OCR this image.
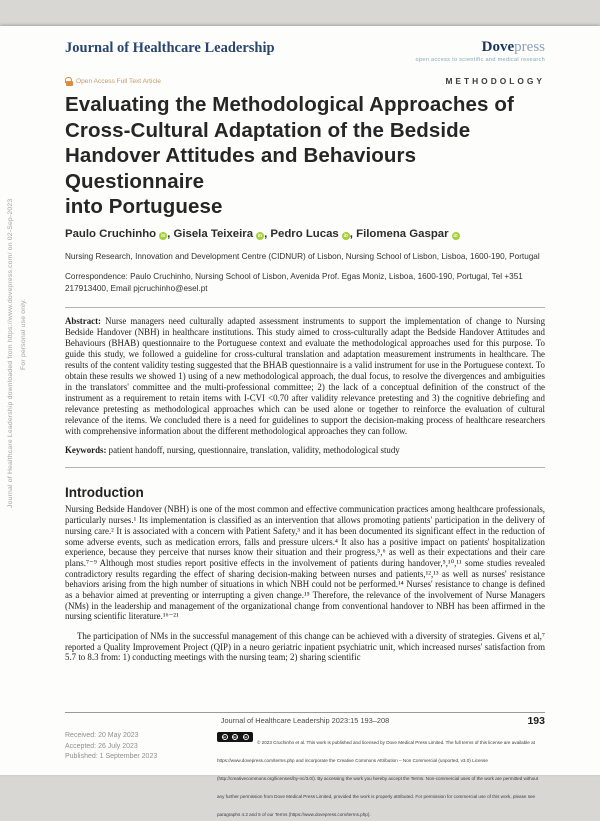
Journal of Healthcare Leadership downloaded from https://www.dovepress.com/ on 02-Sep-2023 For personal use only.
Journal of Healthcare Leadership	Dovepress
open access to scientific and medical research
Open Access Full Text Article	METHODOLOGY
Evaluating the Methodological Approaches of
Cross-Cultural Adaptation of the Bedside
Handover Attitudes and Behaviours Questionnaire
into Portuguese
Paulo Cruchinho iD , Gisela Teixeira iD , Pedro Lucas iD , Filomena GaspariD
Nursing Research, Innovation and Development Centre (CIDNUR) of Lisbon, Nursing School of Lisbon, Lisboa, 1600-190, Portugal
Correspondence: Paulo Cruchinho, Nursing School of Lisbon, Avenida Prof. Egas Moniz, Lisboa, 1600-190, Portugal, Tel +351 217913400, Email pjcruchinho@esel.pt

Abstract: Nurse managers need culturally adapted assessment instruments to support the implementation of change to Nursing Bedside Handover (NBH) in healthcare institutions. This study aimed to cross-culturally adapt the Bedside Handover Attitudes and Behaviours (BHAB) questionnaire to the Portuguese context and evaluate the methodological approaches used for this purpose. To guide this study, we followed a guideline for cross-cultural translation and adaptation measurement instruments in healthcare. The results of the content validity testing suggested that the BHAB questionnaire is a valid instrument for use in the Portuguese context. To obtain these results we showed 1) using of a new methodological approach, the dual focus, to resolve the divergences and ambiguities in the translators' committee and the multi-professional committee; 2) the lack of a conceptual definition of the construct of the instrument as a requirement to retain items with I-CVI <0.70 after validity relevance pretesting and 3) the cognitive debriefing and relevance pretesting as methodological approaches which can be used alone or together to reinforce the evaluation of cultural relevance of the items. We concluded there is a need for guidelines to support the decision-making process of healthcare researchers with comprehensive information about the different methodological approaches they can follow.

Keywords: patient handoff, nursing, questionnaire, translation, validity, methodological study

Introduction

Nursing Bedside Handover (NBH) is one of the most common and effective communication practices among healthcare professionals, particularly nurses.¹ Its implementation is classified as an intervention that allows promoting patients' participation in the delivery of nursing care.² It is associated with a concern with Patient Safety,³ and it has been documented its significant effect in the reduction of some adverse events, such as medication errors, falls and pressure ulcers.⁴ It also has a positive impact on patients' hospitalization experience, because they perceive that nurses know their situation and their progress,⁵,⁶ as well as their expectations and their care plans.⁷⁻⁹ Although most studies report positive effects in the involvement of patients during handover,⁵,¹⁰,¹¹ some studies revealed contradictory results regarding the effect of sharing decision-making between nurses and patients,¹²,¹³ as well as nurses' resistance behaviors arising from the high number of situations in which NBH could not be performed.¹⁴ Nurses' resistance to change is defined as a behavior aimed at preventing or interrupting a given change.¹⁵ Therefore, the relevance of the involvement of Nurse Managers (NMs) in the leadership and management of the organizational change from conventional handover to NBH has been affirmed in the nursing scientific literature.¹⁶⁻²¹

The participation of NMs in the successful management of this change can be achieved with a diversity of strategies. Givens et al,⁷ reported a Quality Improvement Project (QIP) in a neuro geriatric inpatient psychiatric unit, which increased nurses' satisfaction from 5.7 to 8.3 from: 1) conducting meetings with the nursing team; 2) sharing scientific

Journal of Healthcare Leadership 2023:15 193–208	193
Received: 20 May 2023
Accepted: 26 July 2023
Published: 1 September 2023
cc	by	nc
© 2023 Cruchinho et al. This work is published and licensed by Dove Medical Press Limited. The full terms of this license are available at https://www.dovepress.com/terms.php and incorporate the Creative Commons Attribution – Non Commercial (unported, v3.0) License (http://creativecommons.org/licenses/by-nc/3.0/). By accessing the work you hereby accept the Terms. Non-commercial uses of the work are permitted without any further permission from Dove Medical Press Limited, provided the work is properly attributed. For permission for commercial use of this work, please see paragraphs 4.2 and 5 of our Terms (https://www.dovepress.com/terms.php).
